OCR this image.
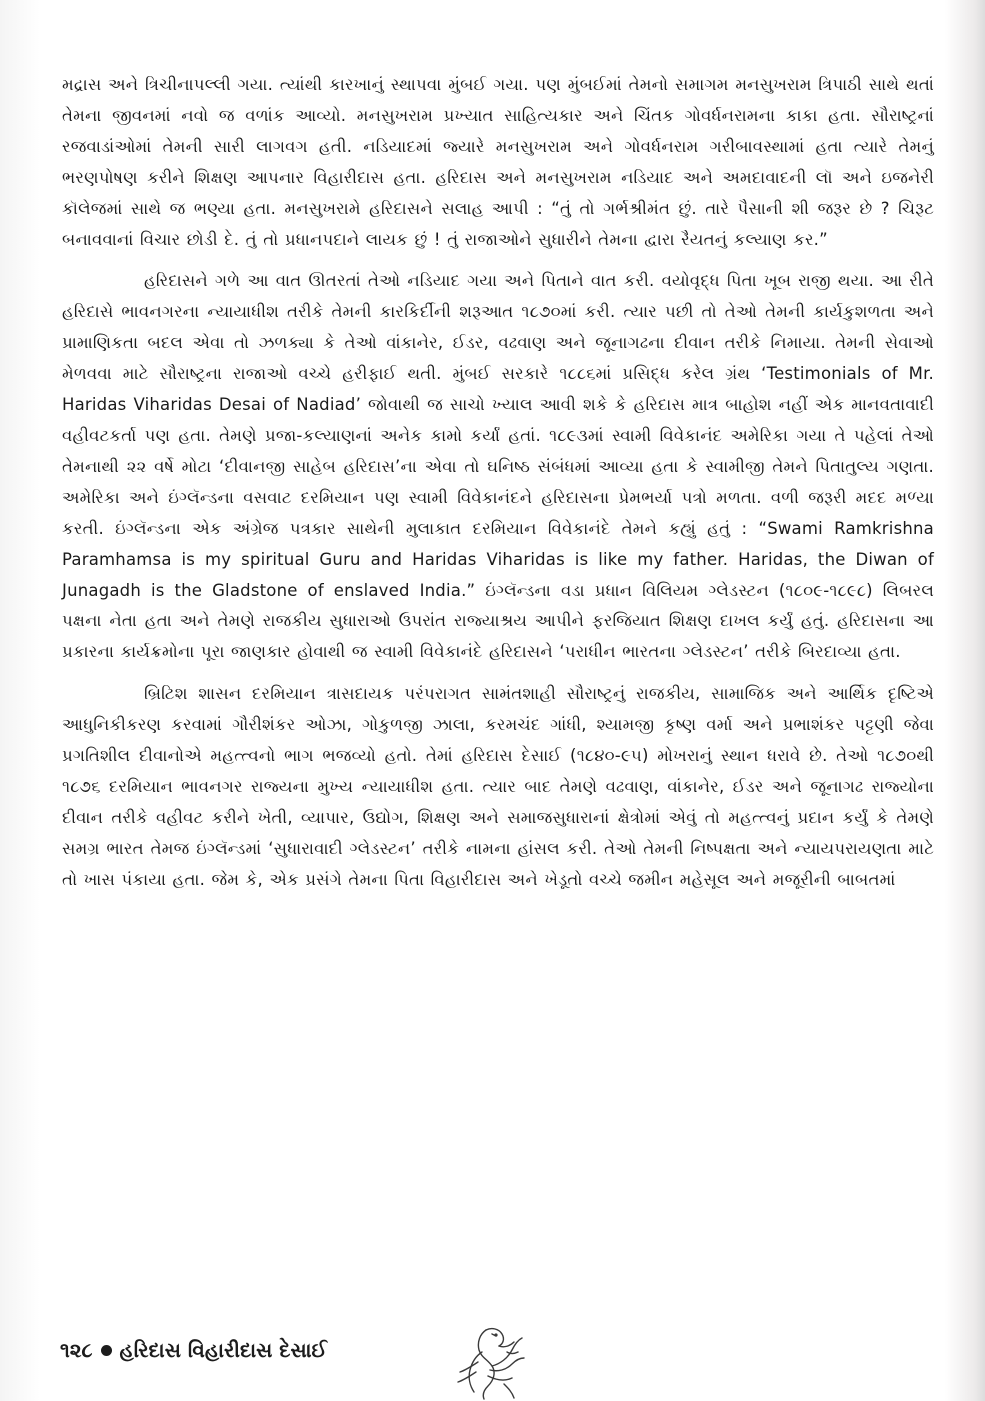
મદ્રાસ અને ત્રિચીનાપલ્લી ગયા. ત્યાંથી કારખાનું સ્થાપવા મુંબઈ ગયા. પણ મુંબઈમાં તેમનો સમાગમ મનસુખરામ ત્રિપાઠી સાથે થતાં તેમના જીવનમાં નવો જ વળાંક આવ્યો. મનસુખરામ પ્રખ્યાત સાહિત્યકાર અને ચિંતક ગોવર્ધનરામના કાકા હતા. સૌરાષ્ટ્રનાં રજવાડાંઓમાં તેમની સારી લાગવગ હતી. નડિયાદમાં જ્યારે મનસુખરામ અને ગોવર્ધનરામ ગરીબાવસ્થામાં હતા ત્યારે તેમનું ભરણપોષણ કરીને શિક્ષણ આપનાર વિહારીદાસ હતા. હરિદાસ અને મનસુખરામ નડિયાદ અને અમદાવાદની લૉ અને ઇજનેરી કૉલેજમાં સાથે જ ભણ્યા હતા. મનસુખરામે હરિદાસને સલાહ આપી : “તું તો ગર્ભશ્રીમંત છું. તારે પૈસાની શી જરૂર છે ? ચિરૂટ બનાવવાનાં વિચાર છોડી દે. તું તો પ્રધાનપદાને લાયક છું ! તું રાજાઓને સુધારીને તેમના દ્વારા રૈયતનું કલ્યાણ કર.”

હરિદાસને ગળે આ વાત ઊતરતાં તેઓ નડિયાદ ગયા અને પિતાને વાત કરી. વયોવૃદ્ધ પિતા ખૂબ રાજી થયા. આ રીતે હરિદાસે ભાવનગરના ન્યાયાધીશ તરીકે તેમની કારકિર્દીની શરૂઆત ૧૮૭૦માં કરી. ત્યાર પછી તો તેઓ તેમની કાર્યકુશળતા અને પ્રામાણિકતા બદલ એવા તો ઝળક્યા કે તેઓ વાંકાનેર, ઈડર, વઢવાણ અને જૂનાગઢના દીવાન તરીકે નિમાયા. તેમની સેવાઓ મેળવવા માટે સૌરાષ્ટ્રના રાજાઓ વચ્ચે હરીફાઈ થતી. મુંબઈ સરકારે ૧૮૮૬માં પ્રસિદ્ધ કરેલ ગ્રંથ ‘Testimonials of Mr. Haridas Viharidas Desai of Nadiad’ જોવાથી જ સાચો ખ્યાલ આવી શકે કે હરિદાસ માત્ર બાહોશ નહીં એક માનવતાવાદી વહીવટકર્તા પણ હતા. તેમણે પ્રજા-કલ્યાણનાં અનેક કામો કર્યાં હતાં. ૧૮૯૩માં સ્વામી વિવેકાનંદ અમેરિકા ગયા તે પહેલાં તેઓ તેમનાથી ૨૨ વર્ષે મોટા ‘દીવાનજી સાહેબ હરિદાસ’ના એવા તો ઘનિષ્ઠ સંબંધમાં આવ્યા હતા કે સ્વામીજી તેમને પિતાતુલ્ય ગણતા. અમેરિકા અને ઇંગ્લૅન્ડના વસવાટ દરમિયાન પણ સ્વામી વિવેકાનંદને હરિદાસના પ્રેમભર્યા પત્રો મળતા. વળી જરૂરી મદદ મળ્યા કરતી. ઇંગ્લૅન્ડના એક અંગ્રેજ પત્રકાર સાથેની મુલાકાત દરમિયાન વિવેકાનંદે તેમને કહ્યું હતું : “Swami Ramkrishna Paramhamsa is my spiritual Guru and Haridas Viharidas is like my father. Haridas, the Diwan of Junagadh is the Gladstone of enslaved India.” ઇંગ્લૅન્ડના વડા પ્રધાન વિલિયમ ગ્લેડસ્ટન (૧૮૦૯-૧૮૯૮) લિબરલ પક્ષના નેતા હતા અને તેમણે રાજકીય સુધારાઓ ઉપરાંત રાજ્યાશ્રય આપીને ફરજિયાત શિક્ષણ દાખલ કર્યું હતું. હરિદાસના આ પ્રકારના કાર્યક્રમોના પૂરા જાણકાર હોવાથી જ સ્વામી વિવેકાનંદે હરિદાસને ‘પરાધીન ભારતના ગ્લેડસ્ટન’ તરીકે બિરદાવ્યા હતા.

બ્રિટિશ શાસન દરમિયાન ત્રાસદાયક પરંપરાગત સામંતશાહી સૌરાષ્ટ્રનું રાજકીય, સામાજિક અને આર્થિક દૃષ્ટિએ આધુનિકીકરણ કરવામાં ગૌરીશંકર ઓઝા, ગોકુળજી ઝાલા, કરમચંદ ગાંધી, શ્યામજી કૃષ્ણ વર્મા અને પ્રભાશંકર પટ્ટણી જેવા પ્રગતિશીલ દીવાનોએ મહત્ત્વનો ભાગ ભજવ્યો હતો. તેમાં હરિદાસ દેસાઈ (૧૮૪૦-૯૫) મોખરાનું સ્થાન ધરાવે છે. તેઓ ૧૮૭૦થી ૧૮૭૬ દરમિયાન ભાવનગર રાજ્યના મુખ્ય ન્યાયાધીશ હતા. ત્યાર બાદ તેમણે વઢવાણ, વાંકાનેર, ઈડર અને જૂનાગઢ રાજ્યોના દીવાન તરીકે વહીવટ કરીને ખેતી, વ્યાપાર, ઉદ્યોગ, શિક્ષણ અને સમાજસુધારાનાં ક્ષેત્રોમાં એવું તો મહત્ત્વનું પ્રદાન કર્યું કે તેમણે સમગ્ર ભારત તેમજ ઇંગ્લૅન્ડમાં ‘સુધારાવાદી ગ્લેડસ્ટન’ તરીકે નામના હાંસલ કરી. તેઓ તેમની નિષ્પક્ષતા અને ન્યાયપરાયણતા માટે તો ખાસ પંકાયા હતા. જેમ કે, એક પ્રસંગે તેમના પિતા વિહારીદાસ અને ખેડૂતો વચ્ચે જમીન મહેસૂલ અને મજૂરીની બાબતમાં

૧૨૮ હરિદાસ વિહારીદાસ દેસાઈ
